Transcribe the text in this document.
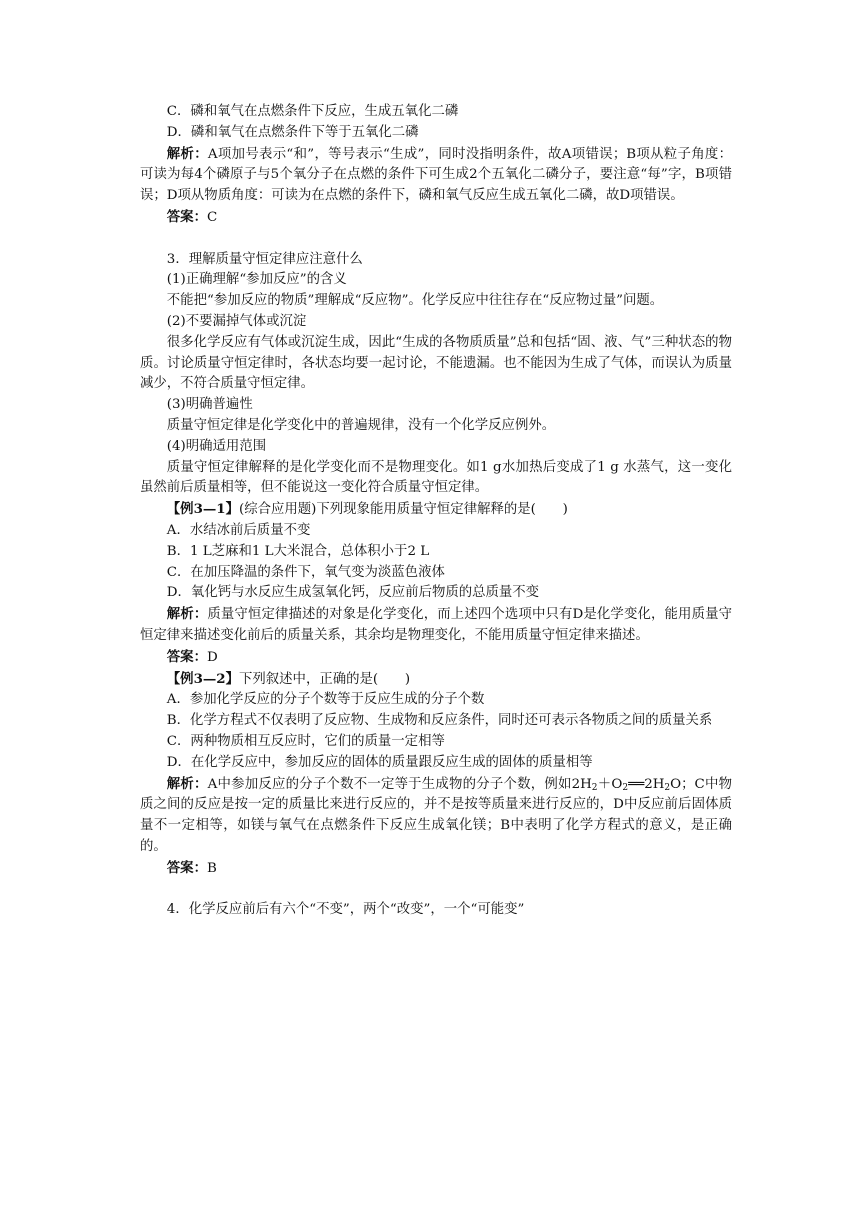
C．磷和氧气在点燃条件下反应，生成五氧化二磷

D．磷和氧气在点燃条件下等于五氧化二磷

解析：A项加号表示“和”，等号表示“生成”，同时没指明条件，故A项错误；B项从粒子角度：可读为每4个磷原子与5个氧分子在点燃的条件下可生成2个五氧化二磷分子，要注意“每”字，B项错误；D项从物质角度：可读为在点燃的条件下，磷和氧气反应生成五氧化二磷，故D项错误。

答案：C

3．理解质量守恒定律应注意什么

(1)正确理解“参加反应”的含义

不能把“参加反应的物质”理解成“反应物”。化学反应中往往存在“反应物过量”问题。

(2)不要漏掉气体或沉淀

很多化学反应有气体或沉淀生成，因此“生成的各物质质量”总和包括“固、液、气”三种状态的物质。讨论质量守恒定律时，各状态均要一起讨论，不能遗漏。也不能因为生成了气体，而误认为质量减少，不符合质量守恒定律。

(3)明确普遍性

质量守恒定律是化学变化中的普遍规律，没有一个化学反应例外。

(4)明确适用范围

质量守恒定律解释的是化学变化而不是物理变化。如1 g水加热后变成了1 g 水蒸气，这一变化虽然前后质量相等，但不能说这一变化符合质量守恒定律。

【例3—1】(综合应用题)下列现象能用质量守恒定律解释的是(　　)

A．水结冰前后质量不变

B．1 L芝麻和1 L大米混合，总体积小于2 L

C．在加压降温的条件下，氧气变为淡蓝色液体

D．氧化钙与水反应生成氢氧化钙，反应前后物质的总质量不变

解析：质量守恒定律描述的对象是化学变化，而上述四个选项中只有D是化学变化，能用质量守恒定律来描述变化前后的质量关系，其余均是物理变化，不能用质量守恒定律来描述。

答案：D

【例3—2】下列叙述中，正确的是(　　)

A．参加化学反应的分子个数等于反应生成的分子个数

B．化学方程式不仅表明了反应物、生成物和反应条件，同时还可表示各物质之间的质量关系

C．两种物质相互反应时，它们的质量一定相等

D．在化学反应中，参加反应的固体的质量跟反应生成的固体的质量相等

解析：A中参加反应的分子个数不一定等于生成物的分子个数，例如$2H_2+O_2══2H_2O$；C中物质之间的反应是按一定的质量比来进行反应的，并不是按等质量来进行反应的，D中反应前后固体质量不一定相等，如镁与氧气在点燃条件下反应生成氧化镁；B中表明了化学方程式的意义，是正确的。

答案：B

4．化学反应前后有六个“不变”，两个“改变”，一个“可能变”
